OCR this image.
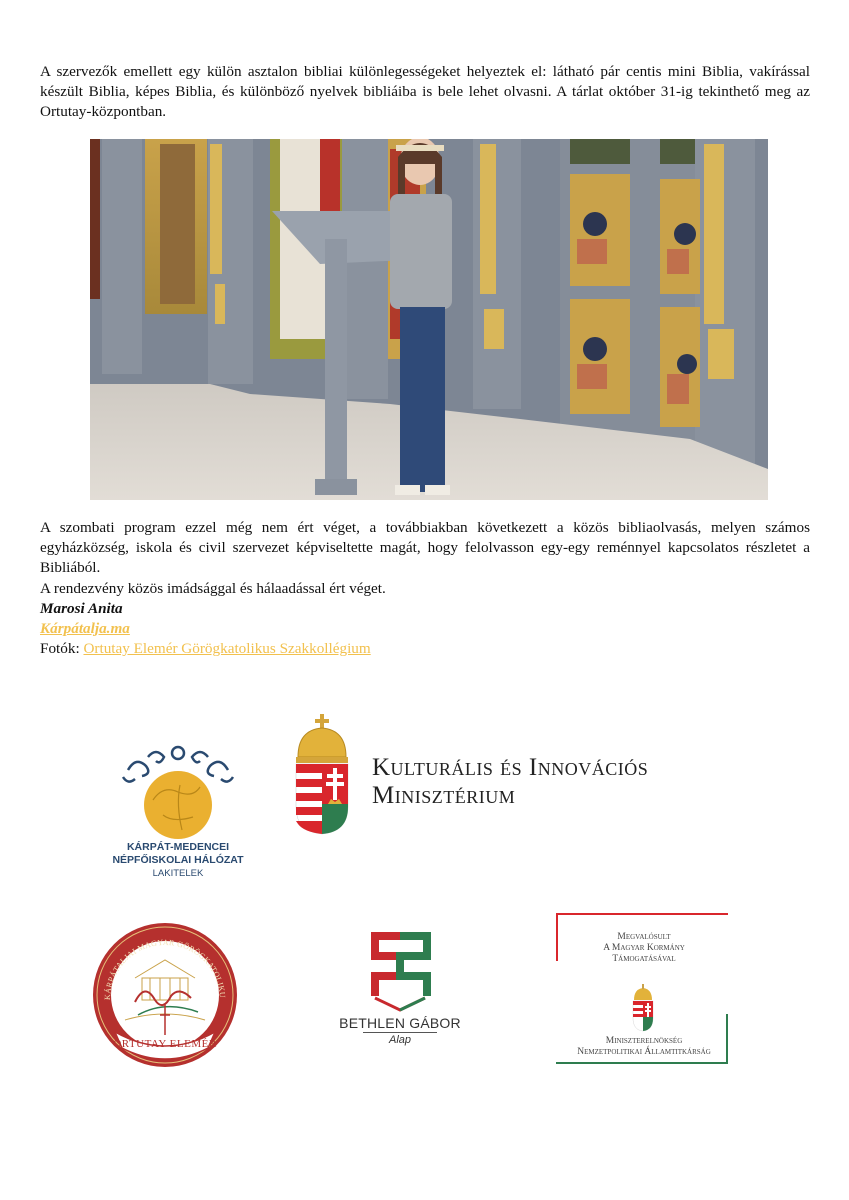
A szervezők emellett egy külön asztalon bibliai különlegességeket helyeztek el: látható pár centis mini Biblia, vakírással készült Biblia, képes Biblia, és különböző nyelvek bibliáiba is bele lehet olvasni. A tárlat október 31-ig tekinthető meg az Ortutay-központban.

A szombati program ezzel még nem ért véget, a továbbiakban következett a közös bibliaolvasás, melyen számos egyházközség, iskola és civil szervezet képviseltette magát, hogy felolvasson egy-egy reménnyel kapcsolatos részletet a Bibliából.

A rendezvény közös imádsággal és hálaadással ért véget.
Marosi Anita
Kárpátalja.ma
Fotók: Ortutay Elemér Görögkatolikus Szakkollégium
KÁRPÁT-MEDENCEI
NÉPFŐISKOLAI HÁLÓZAT
LAKITELEK
Kulturális és Innovációs
Minisztérium
KÁRPÁTALJAI MAGYAR GÖRÖGKATOLIKU
ORTUTAY ELEMÉR
BETHLEN GÁBOR
Alap
Megvalósult
A Magyar Kormány
Támogatásával
Miniszterelnökség
Nemzetpolitikai Államtitkárság
